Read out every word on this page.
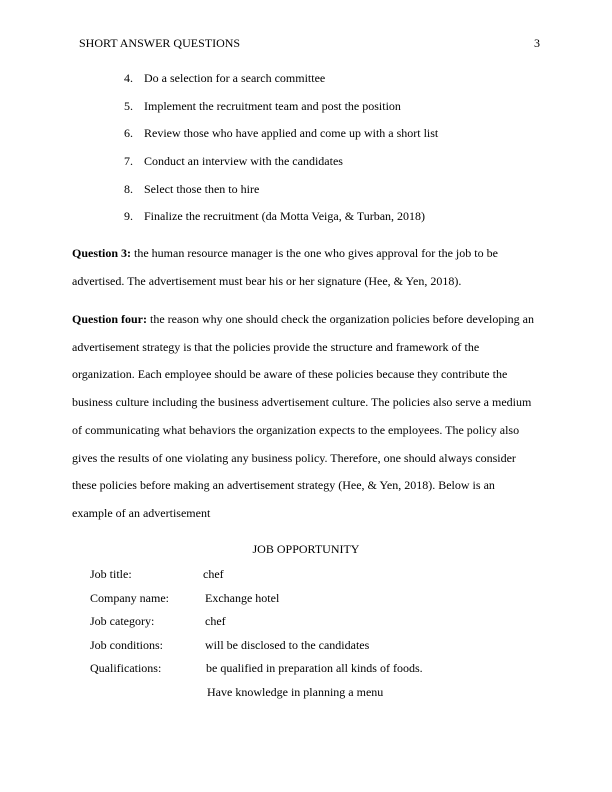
SHORT ANSWER QUESTIONS	3
4. Do a selection for a search committee
5. Implement the recruitment team and post the position
6. Review those who have applied and come up with a short list
7. Conduct an interview with the candidates
8. Select those then to hire
9. Finalize the recruitment (da Motta Veiga, & Turban, 2018)
Question 3: the human resource manager is the one who gives approval for the job to be
advertised. The advertisement must bear his or her signature (Hee, & Yen, 2018).
Question four: the reason why one should check the organization policies before developing an
advertisement strategy is that the policies provide the structure and framework of the
organization. Each employee should be aware of these policies because they contribute the
business culture including the business advertisement culture. The policies also serve a medium
of communicating what behaviors the organization expects to the employees. The policy also
gives the results of one violating any business policy. Therefore, one should always consider
these policies before making an advertisement strategy (Hee, & Yen, 2018). Below is an
example of an advertisement
JOB OPPORTUNITY
Job title:	chef
Company name:	Exchange hotel
Job category:	chef
Job conditions:	will be disclosed to the candidates
Qualifications:	be qualified in preparation all kinds of foods.
Have knowledge in planning a menu
